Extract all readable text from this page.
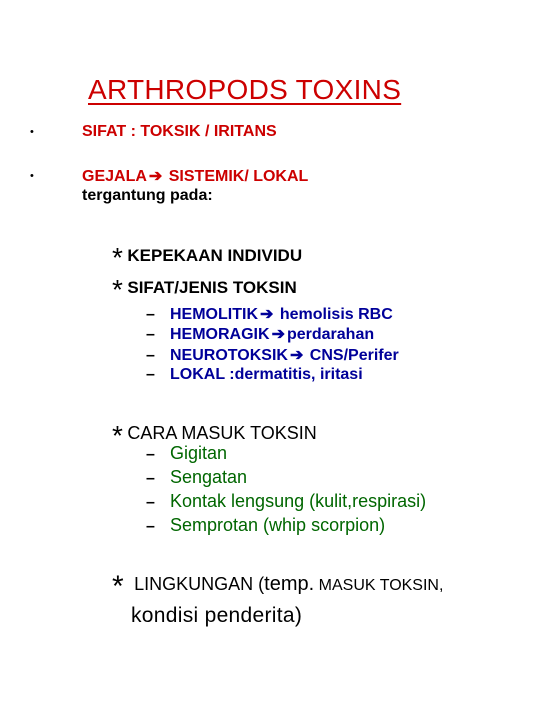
ARTHROPODS TOXINS
•	SIFAT : TOKSIK / IRITANS
•	GEJALA ➔ SISTEMIK/ LOKAL
tergantung pada:
* KEPEKAAN INDIVIDU
* SIFAT/JENIS TOKSIN
– HEMOLITIK ➔ hemolisis RBC
– HEMORAGIK ➔ perdarahan
– NEUROTOKSIK ➔ CNS/Perifer
– LOKAL :dermatitis, iritasi
* CARA MASUK TOKSIN
– Gigitan
– Sengatan
– Kontak lengsung (kulit,respirasi)
– Semprotan (whip scorpion)
* LINGKUNGAN (temp. MASUK TOKSIN,
kondisi penderita)
